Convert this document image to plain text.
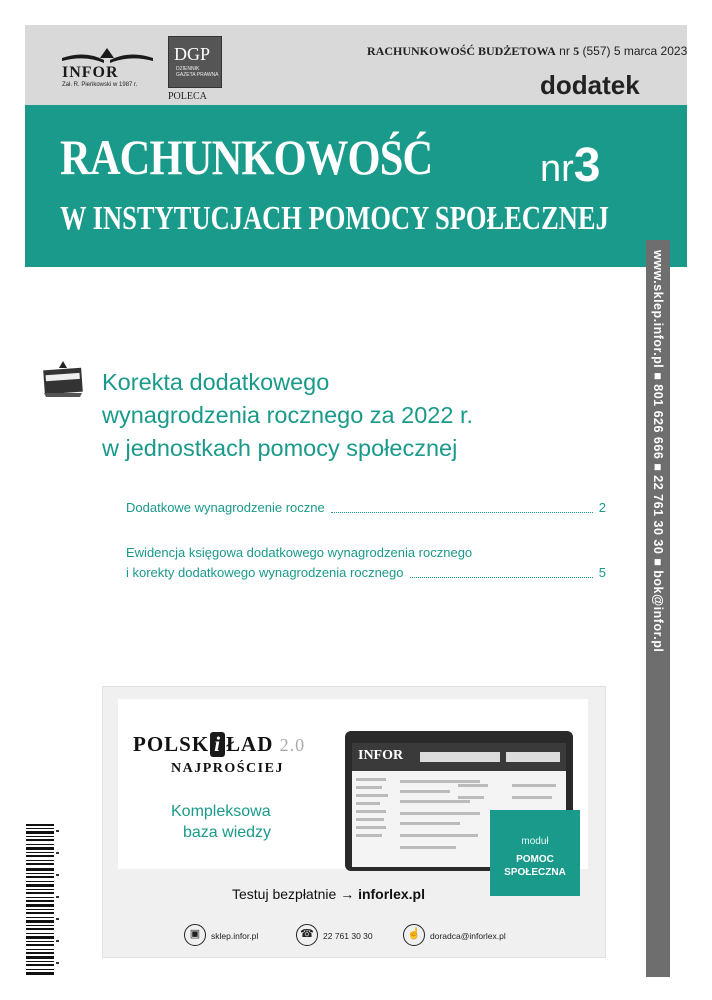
INFOR
Zał. R. Pieńkowski w 1987 r.
DGP
DZIENNIK
GAZETA PRAWNA
POLECA
RACHUNKOWOŚĆ BUDŻETOWA nr 5 (557) 5 marca 2023
dodatek
RACHUNKOWOŚĆ	nr3
W INSTYTUCJACH POMOCY SPOŁECZNEJ
www.sklep.infor.pl ■ 801 626 666 ■ 22 761 30 30 ■ bok@infor.pl
Korekta dodatkowego
wynagrodzenia rocznego za 2022 r.
w jednostkach pomocy społecznej
Dodatkowe wynagrodzenie roczne	2
Ewidencja księgowa dodatkowego wynagrodzenia rocznego
i korekty dodatkowego wynagrodzenia rocznego	5
POLSK i ŁAD 2.0
NAJPROŚCIEJ
Kompleksowa
baza wiedzy
INFOR
moduł
POMOC
SPOŁECZNA
Testuj bezpłatnie → inforlex.pl
▣	sklep.infor.pl	☎	22 761 30 30	☝	doradca@inforlex.pl
